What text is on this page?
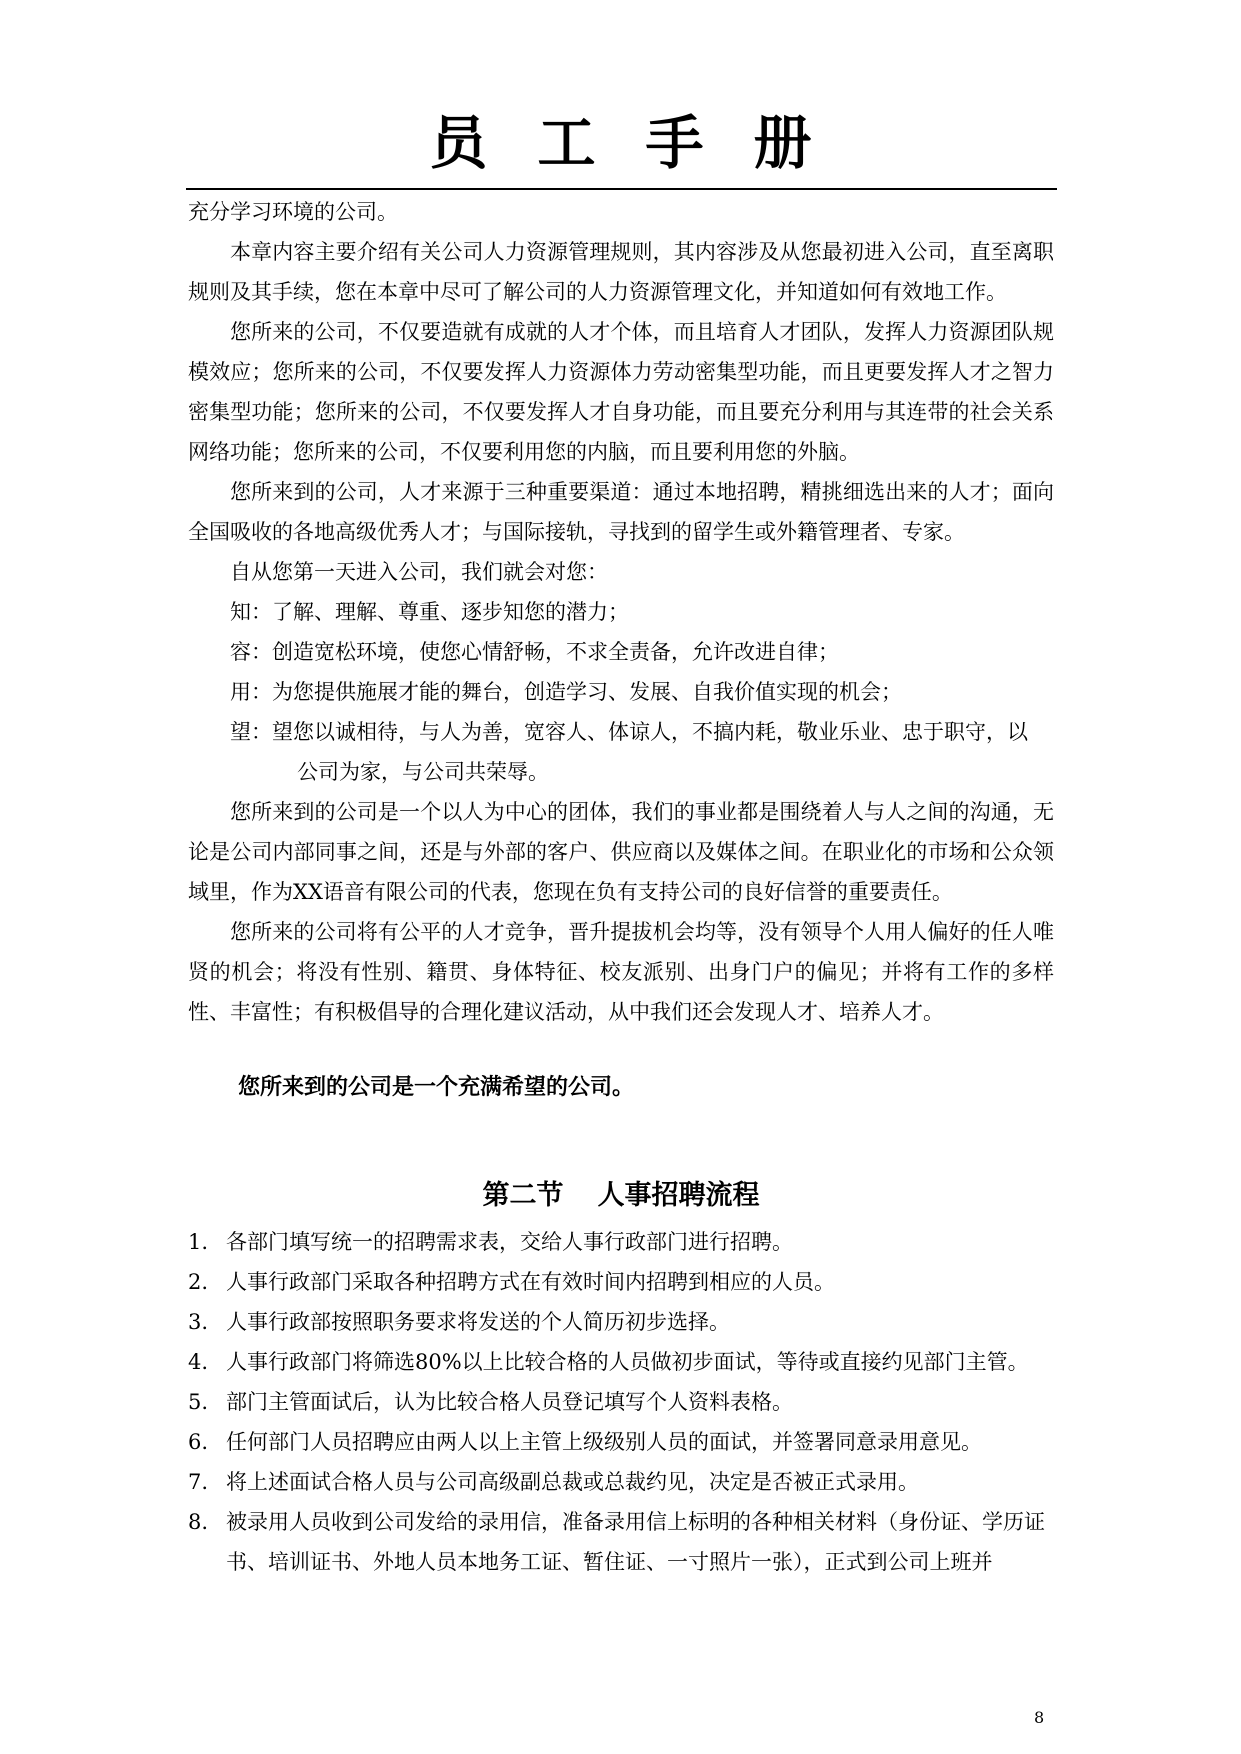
员工手册

充分学习环境的公司。

本章内容主要介绍有关公司人力资源管理规则，其内容涉及从您最初进入公司，直至离职规则及其手续，您在本章中尽可了解公司的人力资源管理文化，并知道如何有效地工作。

您所来的公司，不仅要造就有成就的人才个体，而且培育人才团队，发挥人力资源团队规模效应；您所来的公司，不仅要发挥人力资源体力劳动密集型功能，而且更要发挥人才之智力密集型功能；您所来的公司，不仅要发挥人才自身功能，而且要充分利用与其连带的社会关系网络功能；您所来的公司，不仅要利用您的内脑，而且要利用您的外脑。

您所来到的公司，人才来源于三种重要渠道：通过本地招聘，精挑细选出来的人才；面向全国吸收的各地高级优秀人才；与国际接轨，寻找到的留学生或外籍管理者、专家。

自从您第一天进入公司，我们就会对您：

知：了解、理解、尊重、逐步知您的潜力；

容：创造宽松环境，使您心情舒畅，不求全责备，允许改进自律；

用：为您提供施展才能的舞台，创造学习、发展、自我价值实现的机会；

望：望您以诚相待，与人为善，宽容人、体谅人，不搞内耗，敬业乐业、忠于职守，以
公司为家，与公司共荣辱。

您所来到的公司是一个以人为中心的团体，我们的事业都是围绕着人与人之间的沟通，无论是公司内部同事之间，还是与外部的客户、供应商以及媒体之间。在职业化的市场和公众领域里，作为XX语音有限公司的代表，您现在负有支持公司的良好信誉的重要责任。

您所来的公司将有公平的人才竞争，晋升提拔机会均等，没有领导个人用人偏好的任人唯贤的机会；将没有性别、籍贯、身体特征、校友派别、出身门户的偏见；并将有工作的多样性、丰富性；有积极倡导的合理化建议活动，从中我们还会发现人才、培养人才。

您所来到的公司是一个充满希望的公司。
第二节 人事招聘流程
1. 各部门填写统一的招聘需求表，交给人事行政部门进行招聘。
2. 人事行政部门采取各种招聘方式在有效时间内招聘到相应的人员。
3. 人事行政部按照职务要求将发送的个人简历初步选择。
4. 人事行政部门将筛选80%以上比较合格的人员做初步面试，等待或直接约见部门主管。
5. 部门主管面试后，认为比较合格人员登记填写个人资料表格。
6. 任何部门人员招聘应由两人以上主管上级级别人员的面试，并签署同意录用意见。
7. 将上述面试合格人员与公司高级副总裁或总裁约见，决定是否被正式录用。
8. 被录用人员收到公司发给的录用信，准备录用信上标明的各种相关材料（身份证、学历证书、培训证书、外地人员本地务工证、暂住证、一寸照片一张），正式到公司上班并
8
